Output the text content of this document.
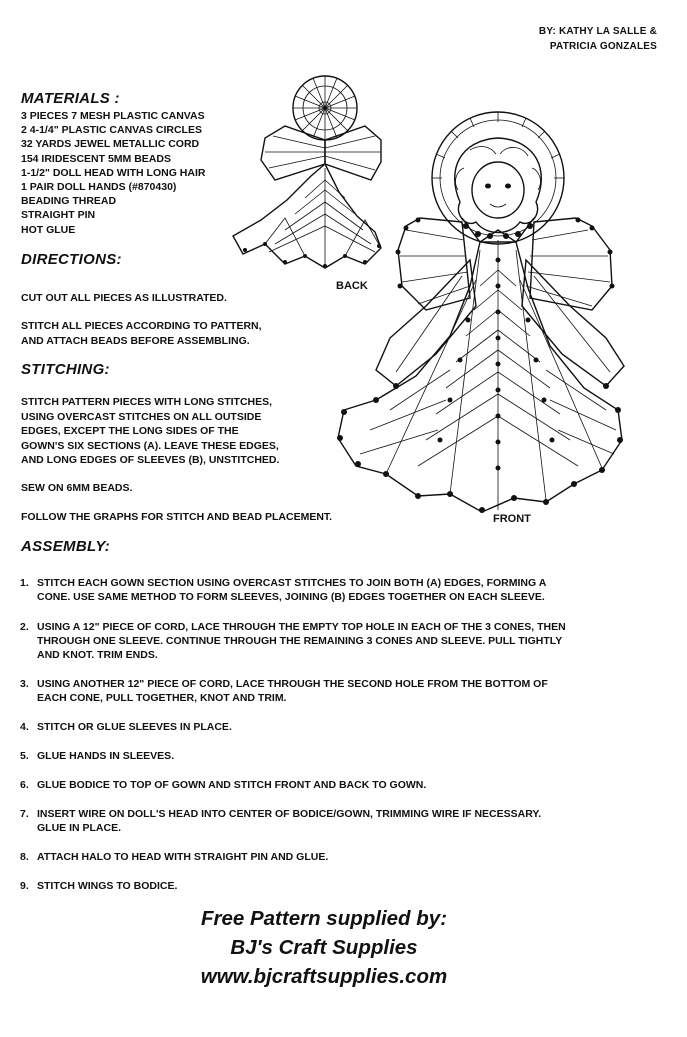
BY: KATHY LA SALLE &
PATRICIA GONZALES
MATERIALS :
3 PIECES 7 MESH PLASTIC CANVAS
2 4-1/4" PLASTIC CANVAS CIRCLES
32 YARDS JEWEL METALLIC CORD
154 IRIDESCENT 5MM BEADS
1-1/2" DOLL HEAD WITH LONG HAIR
1 PAIR DOLL HANDS (#870430)
BEADING THREAD
STRAIGHT PIN
HOT GLUE
DIRECTIONS:
CUT OUT ALL PIECES AS ILLUSTRATED.
STITCH ALL PIECES ACCORDING TO PATTERN,
AND ATTACH BEADS BEFORE ASSEMBLING.
STITCHING:
STITCH PATTERN PIECES WITH LONG STITCHES,
USING OVERCAST STITCHES ON ALL OUTSIDE
EDGES, EXCEPT THE LONG SIDES OF THE
GOWN'S SIX SECTIONS (A). LEAVE THESE EDGES,
AND LONG EDGES OF SLEEVES (B), UNSTITCHED.
SEW ON 6MM BEADS.
FOLLOW THE GRAPHS FOR STITCH AND BEAD PLACEMENT.
BACK
FRONT
ASSEMBLY:
1. STITCH EACH GOWN SECTION USING OVERCAST STITCHES TO JOIN BOTH (A) EDGES, FORMING A
CONE. USE SAME METHOD TO FORM SLEEVES, JOINING (B) EDGES TOGETHER ON EACH SLEEVE.
2. USING A 12" PIECE OF CORD, LACE THROUGH THE EMPTY TOP HOLE IN EACH OF THE 3 CONES, THEN
THROUGH ONE SLEEVE. CONTINUE THROUGH THE REMAINING 3 CONES AND SLEEVE. PULL TIGHTLY
AND KNOT. TRIM ENDS.
3. USING ANOTHER 12" PIECE OF CORD, LACE THROUGH THE SECOND HOLE FROM THE BOTTOM OF
EACH CONE, PULL TOGETHER, KNOT AND TRIM.
4. STITCH OR GLUE SLEEVES IN PLACE.
5. GLUE HANDS IN SLEEVES.
6. GLUE BODICE TO TOP OF GOWN AND STITCH FRONT AND BACK TO GOWN.
7. INSERT WIRE ON DOLL'S HEAD INTO CENTER OF BODICE/GOWN, TRIMMING WIRE IF NECESSARY.
GLUE IN PLACE.
8. ATTACH HALO TO HEAD WITH STRAIGHT PIN AND GLUE.
9. STITCH WINGS TO BODICE.
Free Pattern supplied by:
BJ's Craft Supplies
www.bjcraftsupplies.com
